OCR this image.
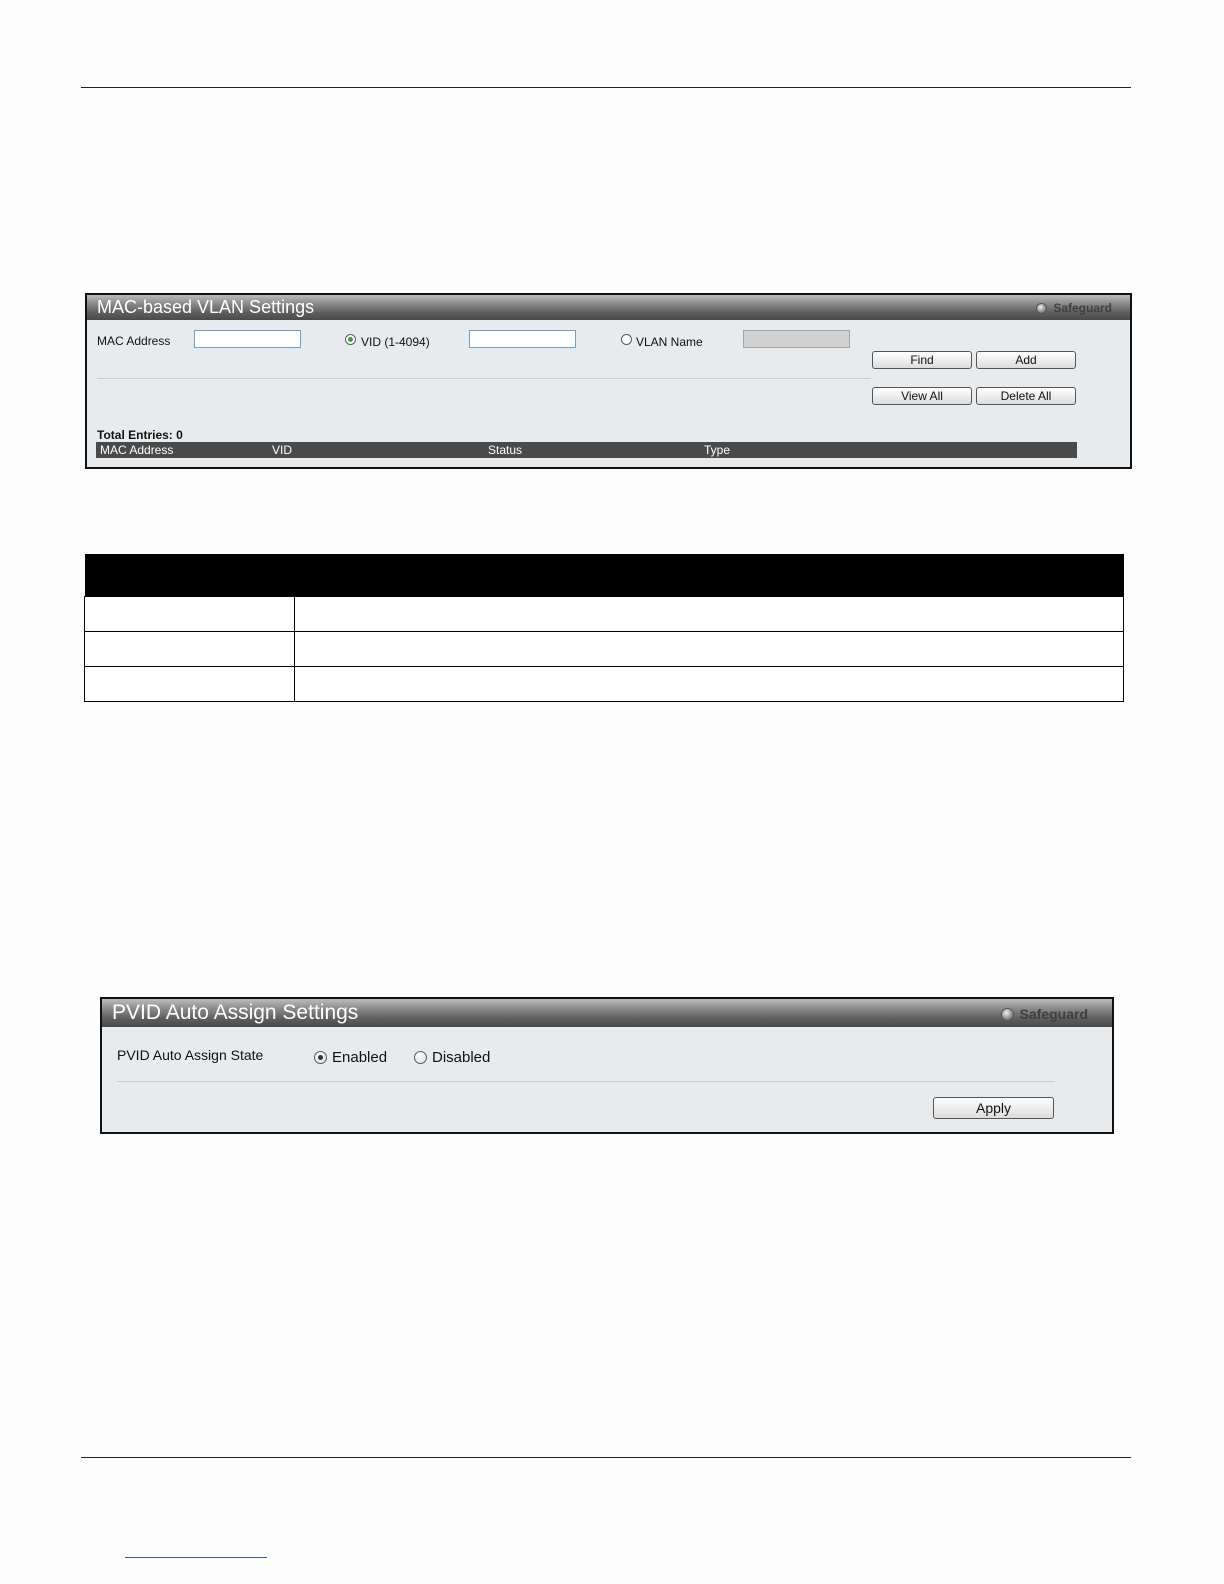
MAC-based VLAN Settings	Safeguard
MAC Address	VID (1-4094)	VLAN Name
Find	Add
View All	Delete All
Total Entries: 0
MAC Address	VID	Status	Type

PVID Auto Assign Settings	Safeguard
PVID Auto Assign State	Enabled	Disabled
Apply
